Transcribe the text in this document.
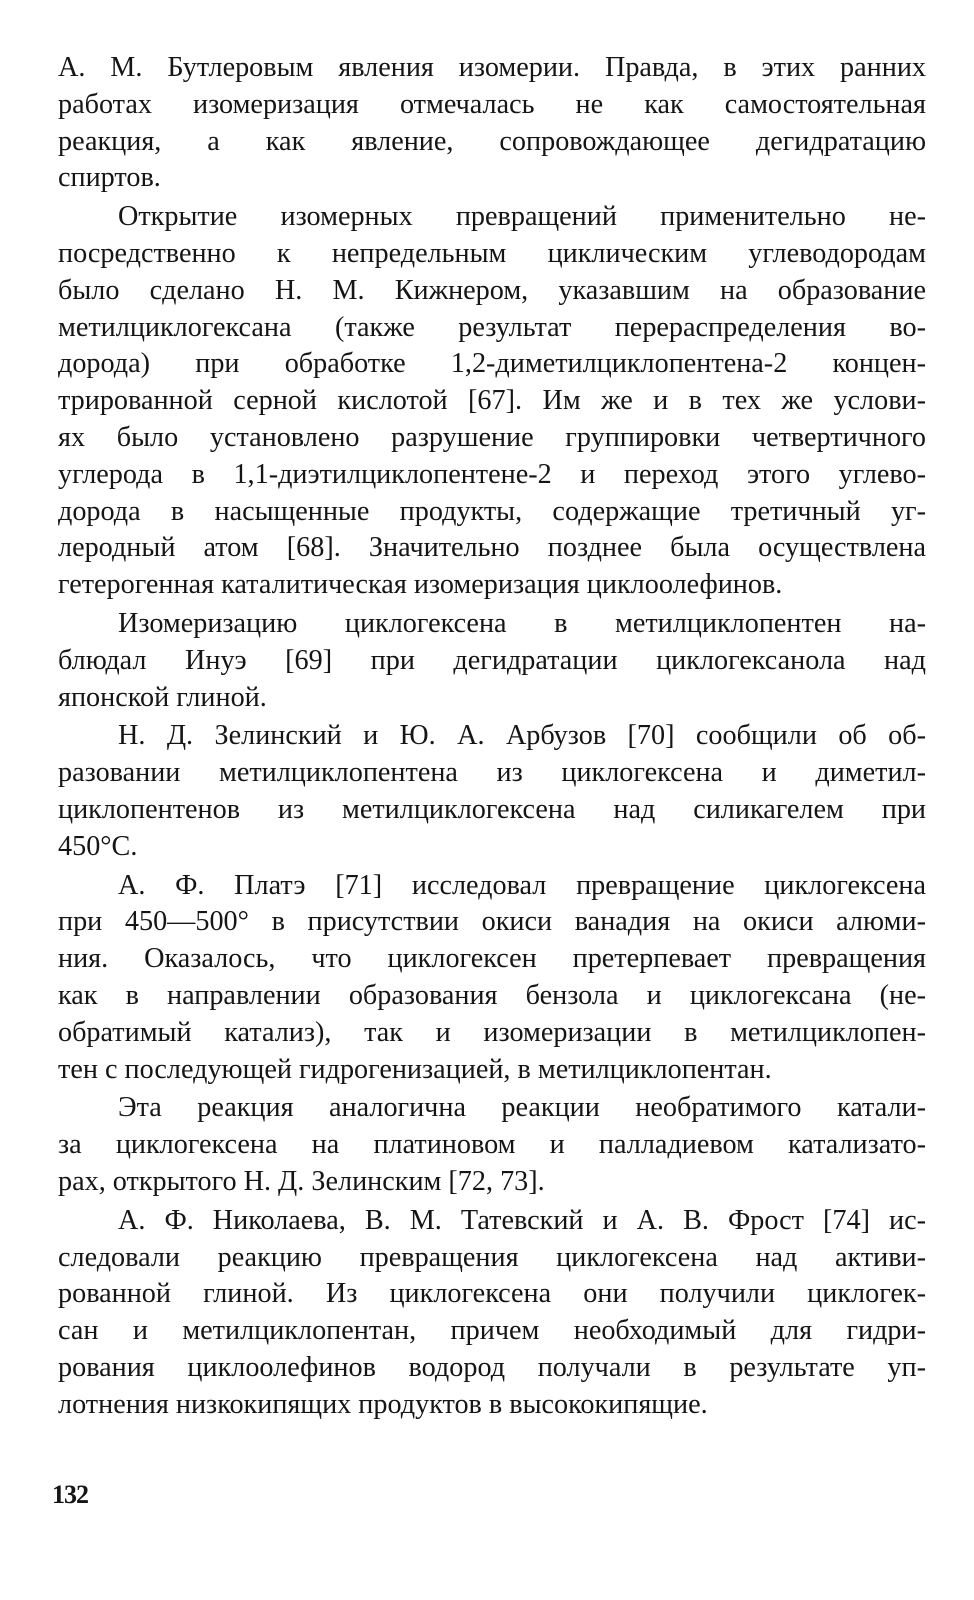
А. М. Бутлеровым явления изомерии. Правда, в этих ранних
работах изомеризация отмечалась не как самостоятельная
реакция, а как явление, сопровождающее дегидратацию
спиртов.
Открытие изомерных превращений применительно не-
посредственно к непредельным циклическим углеводородам
было сделано Н. М. Кижнером, указавшим на образование
метилциклогексана (также результат перераспределения во-
дорода) при обработке 1,2-диметилциклопентена-2 концен-
трированной серной кислотой [67]. Им же и в тех же услови-
ях было установлено разрушение группировки четвертичного
углерода в 1,1-диэтилциклопентене-2 и переход этого углево-
дорода в насыщенные продукты, содержащие третичный уг-
леродный атом [68]. Значительно позднее была осуществлена
гетерогенная каталитическая изомеризация циклоолефинов.
Изомеризацию циклогексена в метилциклопентен на-
блюдал Инуэ [69] при дегидратации циклогексанола над
японской глиной.
Н. Д. Зелинский и Ю. А. Арбузов [70] сообщили об об-
разовании метилциклопентена из циклогексена и диметил-
циклопентенов из метилциклогексена над силикагелем при
450°С.
А. Ф. Платэ [71] исследовал превращение циклогексена
при 450—500° в присутствии окиси ванадия на окиси алюми-
ния. Оказалось, что циклогексен претерпевает превращения
как в направлении образования бензола и циклогексана (не-
обратимый катализ), так и изомеризации в метилциклопен-
тен с последующей гидрогенизацией, в метилциклопентан.
Эта реакция аналогична реакции необратимого катали-
за циклогексена на платиновом и палладиевом катализато-
рах, открытого Н. Д. Зелинским [72, 73].
А. Ф. Николаева, В. М. Татевский и А. В. Фрост [74] ис-
следовали реакцию превращения циклогексена над активи-
рованной глиной. Из циклогексена они получили циклогек-
сан и метилциклопентан, причем необходимый для гидри-
рования циклоолефинов водород получали в результате уп-
лотнения низкокипящих продуктов в высококипящие.
132
